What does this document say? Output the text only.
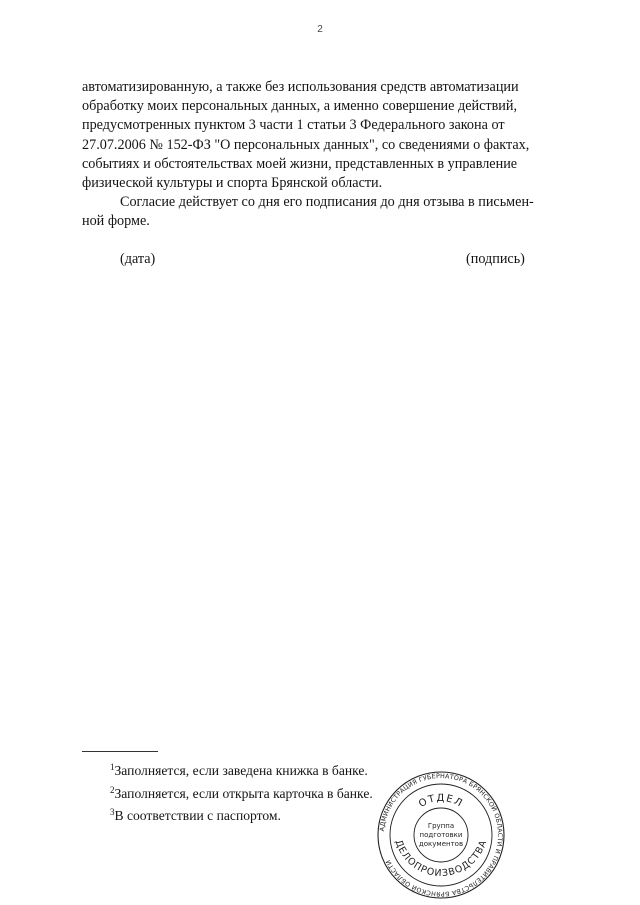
2

автоматизированную, а также без использования средств автоматизации

обработку моих персональных данных, а именно совершение действий,

предусмотренных пунктом 3 части 1 статьи 3 Федерального закона от

27.07.2006 № 152-ФЗ "О персональных данных", со сведениями о фактах,

событиях и обстоятельствах моей жизни, представленных в управление

физической культуры и спорта Брянской области.

Согласие действует со дня его подписания до дня отзыва в письмен-

ной форме.

(дата)	(подпись)
$^1$Заполняется, если заведена книжка в банке.
$^2$Заполняется, если открыта карточка в банке.
$^3$В соответствии с паспортом.
АДМИНИСТРАЦИЯ ГУБЕРНАТОРА БРЯНСКОЙ ОБЛАСТИ И ПРАВИТЕЛЬСТВА БРЯНСКОЙ ОБЛАСТИ
ОТДЕЛ
ДЕЛОПРОИЗВОДСТВА
Группа
подготовки
документов
